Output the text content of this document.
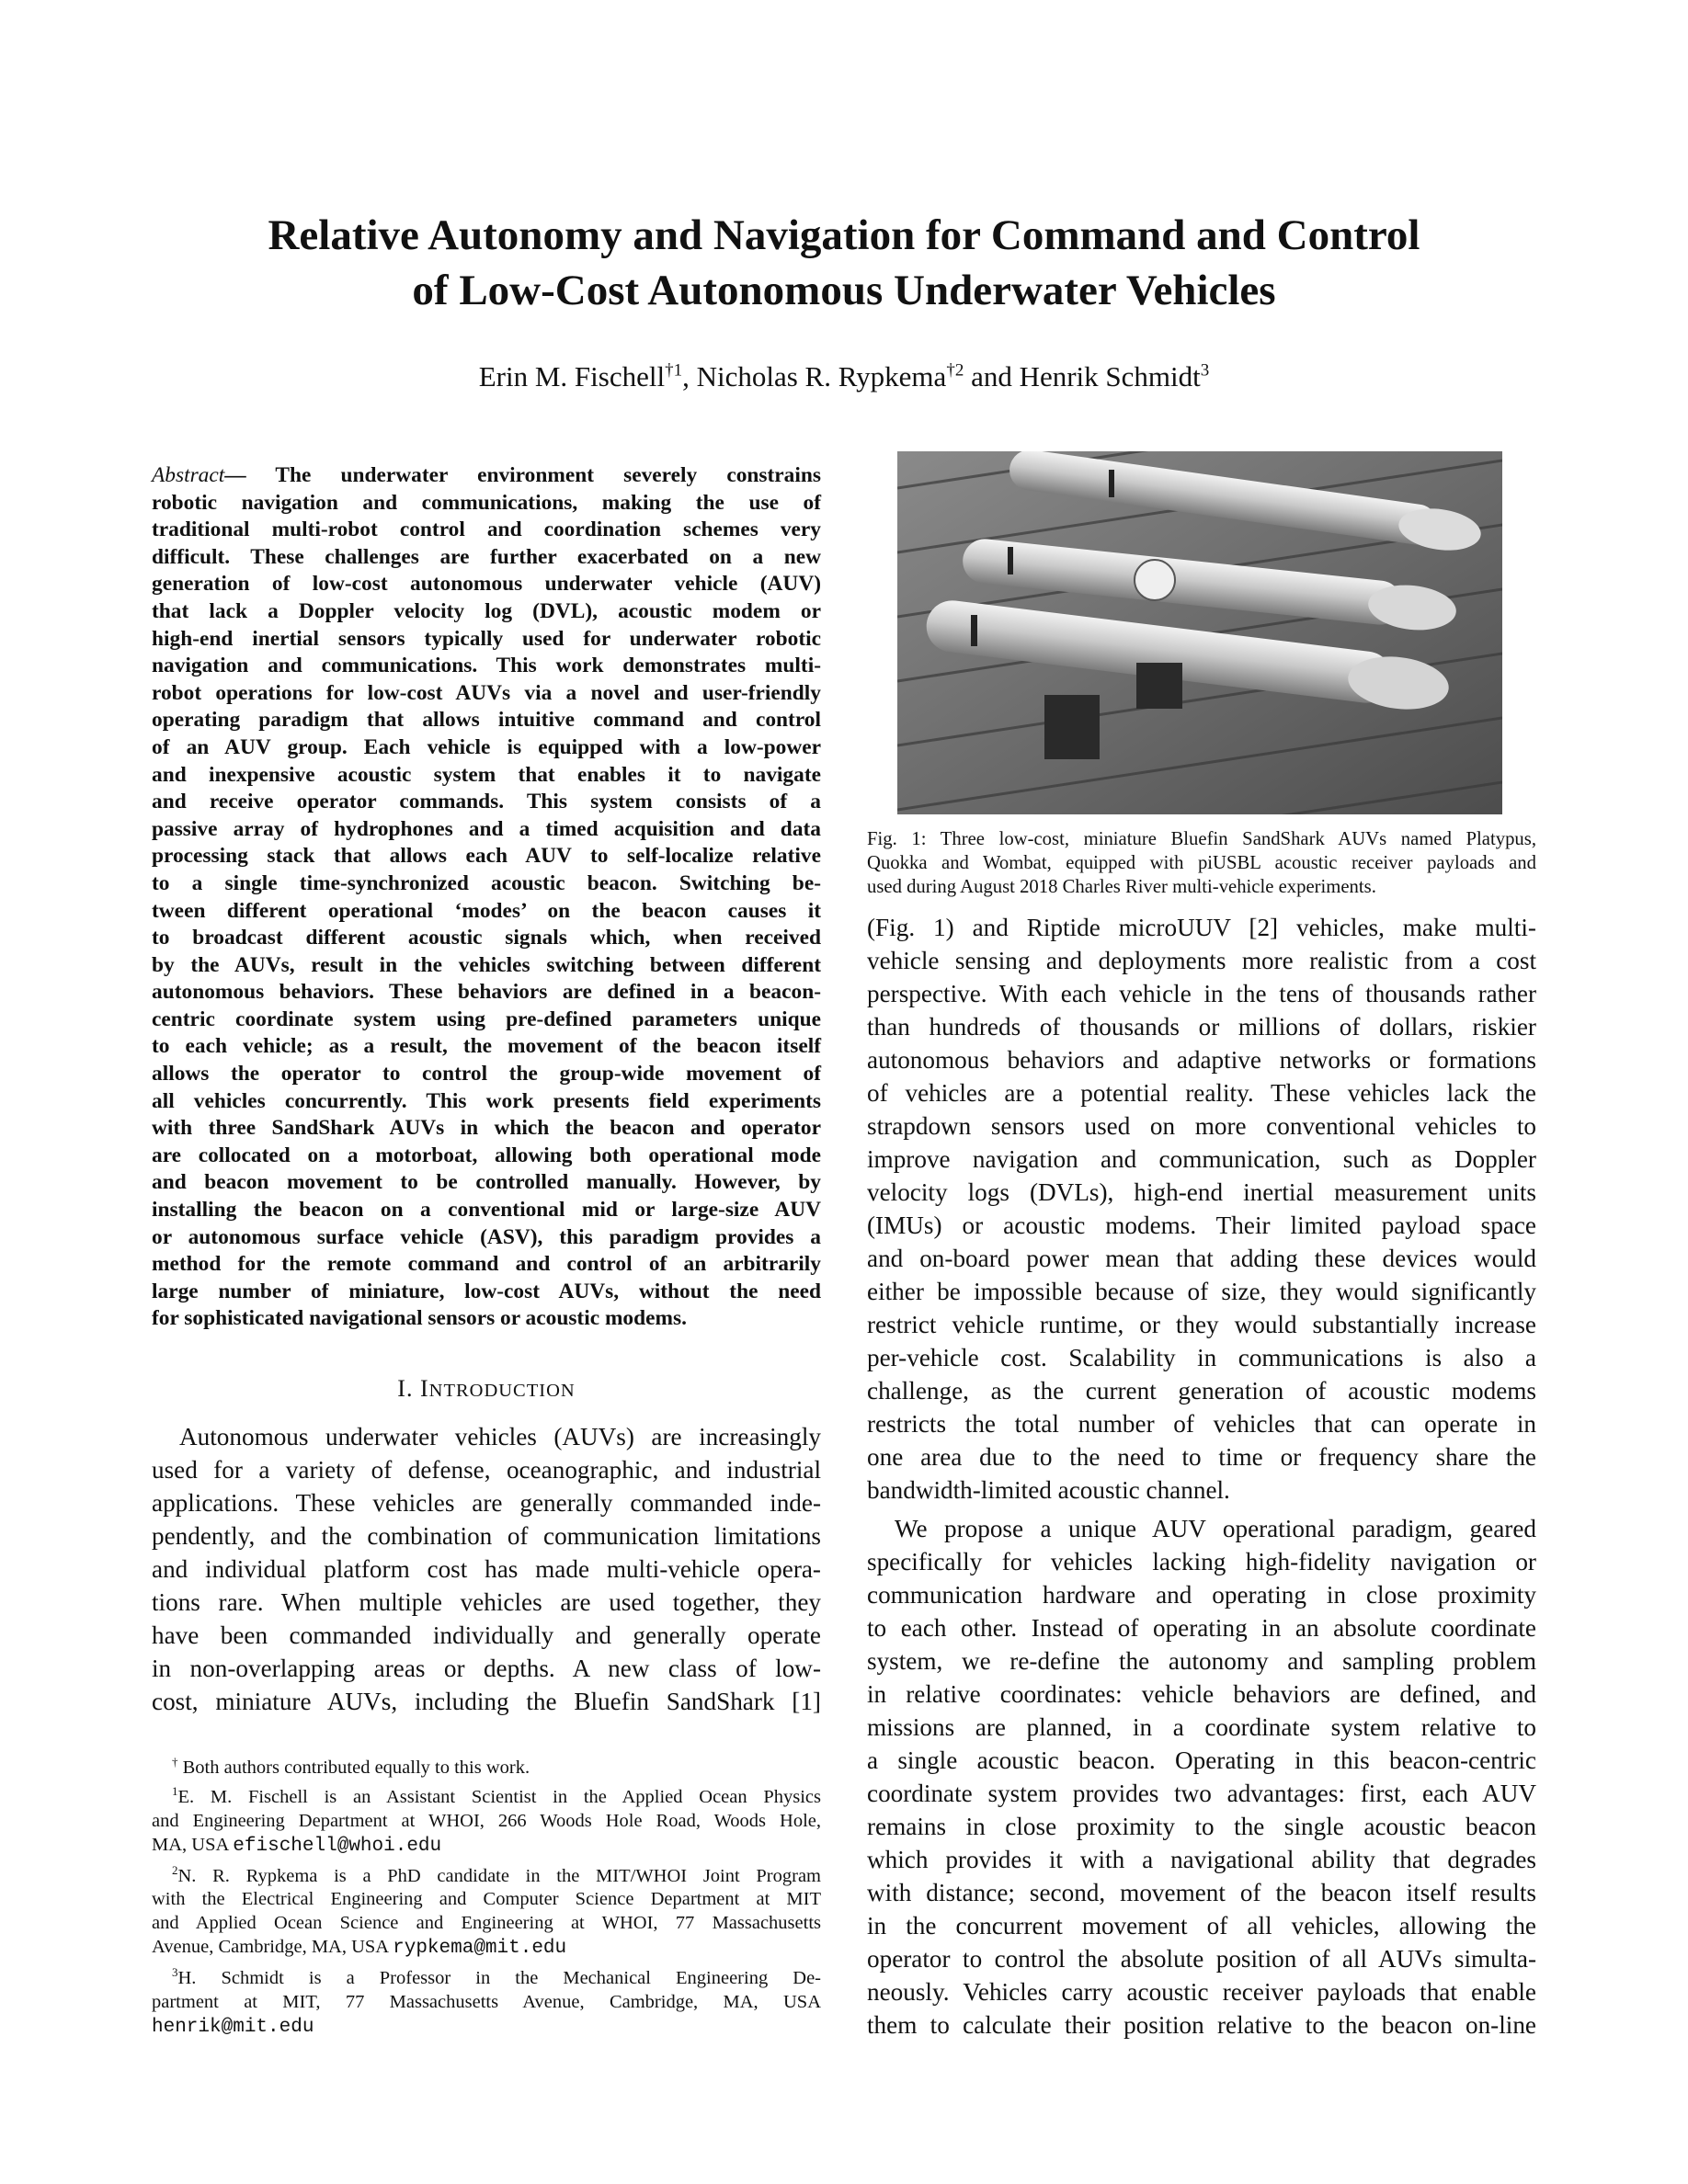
Relative Autonomy and Navigation for Command and Control
of Low-Cost Autonomous Underwater Vehicles
Erin M. Fischell$^{\dagger 1}$, Nicholas R. Rypkema$^{\dagger 2}$ and Henrik Schmidt$^3$
Abstract— The underwater environment severely constrains
robotic navigation and communications, making the use of
traditional multi-robot control and coordination schemes very
difficult. These challenges are further exacerbated on a new
generation of low-cost autonomous underwater vehicle (AUV)
that lack a Doppler velocity log (DVL), acoustic modem or
high-end inertial sensors typically used for underwater robotic
navigation and communications. This work demonstrates multi-
robot operations for low-cost AUVs via a novel and user-friendly
operating paradigm that allows intuitive command and control
of an AUV group. Each vehicle is equipped with a low-power
and inexpensive acoustic system that enables it to navigate
and receive operator commands. This system consists of a
passive array of hydrophones and a timed acquisition and data
processing stack that allows each AUV to self-localize relative
to a single time-synchronized acoustic beacon. Switching be-
tween different operational ‘modes’ on the beacon causes it
to broadcast different acoustic signals which, when received
by the AUVs, result in the vehicles switching between different
autonomous behaviors. These behaviors are defined in a beacon-
centric coordinate system using pre-defined parameters unique
to each vehicle; as a result, the movement of the beacon itself
allows the operator to control the group-wide movement of
all vehicles concurrently. This work presents field experiments
with three SandShark AUVs in which the beacon and operator
are collocated on a motorboat, allowing both operational mode
and beacon movement to be controlled manually. However, by
installing the beacon on a conventional mid or large-size AUV
or autonomous surface vehicle (ASV), this paradigm provides a
method for the remote command and control of an arbitrarily
large number of miniature, low-cost AUVs, without the need
for sophisticated navigational sensors or acoustic modems.
I. INTRODUCTION
Autonomous underwater vehicles (AUVs) are increasingly
used for a variety of defense, oceanographic, and industrial
applications. These vehicles are generally commanded inde-
pendently, and the combination of communication limitations
and individual platform cost has made multi-vehicle opera-
tions rare. When multiple vehicles are used together, they
have been commanded individually and generally operate
in non-overlapping areas or depths. A new class of low-
cost, miniature AUVs, including the Bluefin SandShark [1]
† Both authors contributed equally to this work.
$^1$E. M. Fischell is an Assistant Scientist in the Applied Ocean Physics
and Engineering Department at WHOI, 266 Woods Hole Road, Woods Hole,
MA, USA efischell@whoi.edu
$^2$N. R. Rypkema is a PhD candidate in the MIT/WHOI Joint Program
with the Electrical Engineering and Computer Science Department at MIT
and Applied Ocean Science and Engineering at WHOI, 77 Massachusetts
Avenue, Cambridge, MA, USA rypkema@mit.edu
$^3$H. Schmidt is a Professor in the Mechanical Engineering De-
partment at MIT, 77 Massachusetts Avenue, Cambridge, MA, USA
henrik@mit.edu
Fig. 1: Three low-cost, miniature Bluefin SandShark AUVs named Platypus,
Quokka and Wombat, equipped with piUSBL acoustic receiver payloads and
used during August 2018 Charles River multi-vehicle experiments.
(Fig. 1) and Riptide microUUV [2] vehicles, make multi-
vehicle sensing and deployments more realistic from a cost
perspective. With each vehicle in the tens of thousands rather
than hundreds of thousands or millions of dollars, riskier
autonomous behaviors and adaptive networks or formations
of vehicles are a potential reality. These vehicles lack the
strapdown sensors used on more conventional vehicles to
improve navigation and communication, such as Doppler
velocity logs (DVLs), high-end inertial measurement units
(IMUs) or acoustic modems. Their limited payload space
and on-board power mean that adding these devices would
either be impossible because of size, they would significantly
restrict vehicle runtime, or they would substantially increase
per-vehicle cost. Scalability in communications is also a
challenge, as the current generation of acoustic modems
restricts the total number of vehicles that can operate in
one area due to the need to time or frequency share the
bandwidth-limited acoustic channel.
We propose a unique AUV operational paradigm, geared
specifically for vehicles lacking high-fidelity navigation or
communication hardware and operating in close proximity
to each other. Instead of operating in an absolute coordinate
system, we re-define the autonomy and sampling problem
in relative coordinates: vehicle behaviors are defined, and
missions are planned, in a coordinate system relative to
a single acoustic beacon. Operating in this beacon-centric
coordinate system provides two advantages: first, each AUV
remains in close proximity to the single acoustic beacon
which provides it with a navigational ability that degrades
with distance; second, movement of the beacon itself results
in the concurrent movement of all vehicles, allowing the
operator to control the absolute position of all AUVs simulta-
neously. Vehicles carry acoustic receiver payloads that enable
them to calculate their position relative to the beacon on-line
